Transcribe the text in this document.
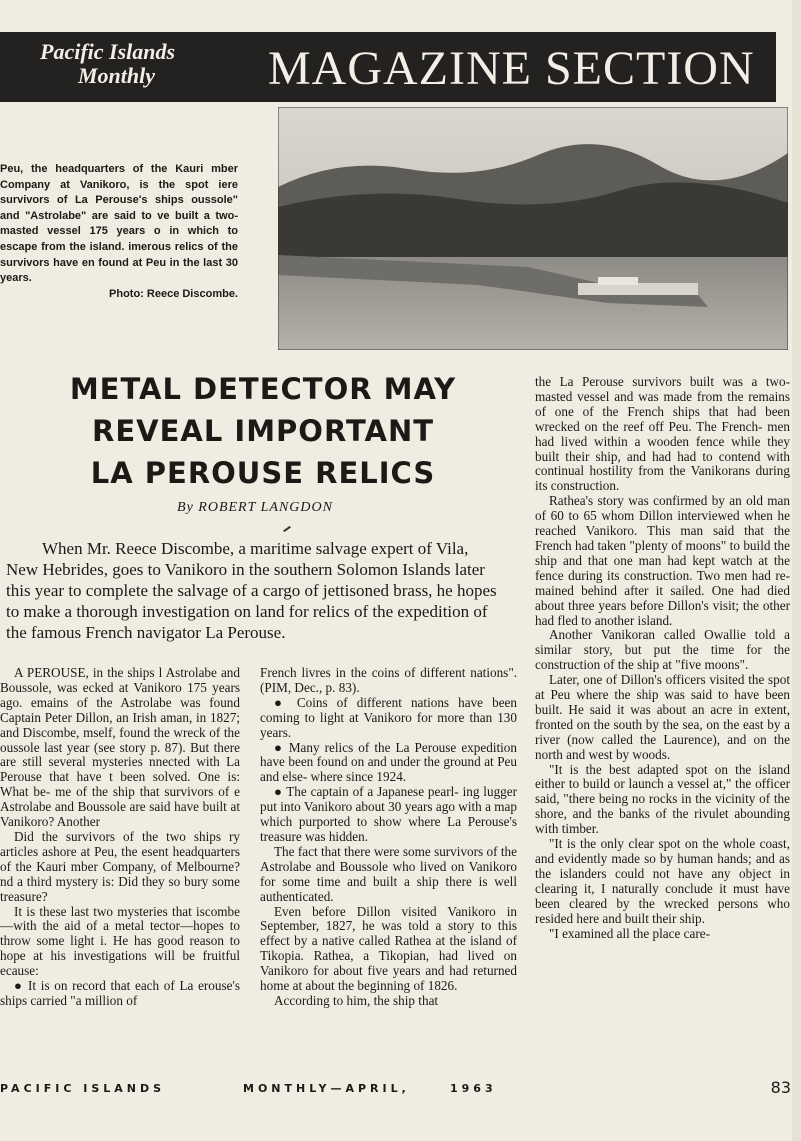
Pacific Islands
Monthly	MAGAZINE SECTION
Peu, the headquarters of the Kauri mber Company at Vanikoro, is the spot iere survivors of La Perouse's ships oussole" and "Astrolabe" are said to ve built a two-masted vessel 175 years o in which to escape from the island. imerous relics of the survivors have en found at Peu in the last 30 years.
Photo: Reece Discombe.
METAL DETECTOR MAY
REVEAL IMPORTANT
LA PEROUSE RELICS
By ROBERT LANGDON

When Mr. Reece Discombe, a maritime salvage expert of Vila, New Hebrides, goes to Vanikoro in the southern Solomon Islands later this year to complete the salvage of a cargo of jettisoned brass, he hopes to make a thorough investigation on land for relics of the expedition of the famous French navigator La Perouse.

A PEROUSE, in the ships l Astrolabe and Boussole, was ecked at Vanikoro 175 years ago. emains of the Astrolabe was found Captain Peter Dillon, an Irish aman, in 1827; and Discombe, mself, found the wreck of the oussole last year (see story p. 87). But there are still several mysteries nnected with La Perouse that have t been solved. One is: What be- me of the ship that survivors of e Astrolabe and Boussole are said have built at Vanikoro? Another

Did the survivors of the two ships ry articles ashore at Peu, the esent headquarters of the Kauri mber Company, of Melbourne? nd a third mystery is: Did they so bury some treasure?

It is these last two mysteries that iscombe—with the aid of a metal tector—hopes to throw some light i. He has good reason to hope at his investigations will be fruitful ecause:

● It is on record that each of La erouse's ships carried "a million of

French livres in the coins of different nations". (PIM, Dec., p. 83).

● Coins of different nations have been coming to light at Vanikoro for more than 130 years.

● Many relics of the La Perouse expedition have been found on and under the ground at Peu and else- where since 1924.

● The captain of a Japanese pearl- ing lugger put into Vanikoro about 30 years ago with a map which purported to show where La Perouse's treasure was hidden.

The fact that there were some survivors of the Astrolabe and Boussole who lived on Vanikoro for some time and built a ship there is well authenticated.

Even before Dillon visited Vanikoro in September, 1827, he was told a story to this effect by a native called Rathea at the island of Tikopia. Rathea, a Tikopian, had lived on Vanikoro for about five years and had returned home at about the beginning of 1826.

According to him, the ship that

the La Perouse survivors built was a two-masted vessel and was made from the remains of one of the French ships that had been wrecked on the reef off Peu. The French- men had lived within a wooden fence while they built their ship, and had had to contend with continual hostility from the Vanikorans during its construction.

Rathea's story was confirmed by an old man of 60 to 65 whom Dillon interviewed when he reached Vanikoro. This man said that the French had taken "plenty of moons" to build the ship and that one man had kept watch at the fence during its construction. Two men had re- mained behind after it sailed. One had died about three years before Dillon's visit; the other had fled to another island.

Another Vanikoran called Owallie told a similar story, but put the time for the construction of the ship at "five moons".

Later, one of Dillon's officers visited the spot at Peu where the ship was said to have been built. He said it was about an acre in extent, fronted on the south by the sea, on the east by a river (now called the Laurence), and on the north and west by woods.

"It is the best adapted spot on the island either to build or launch a vessel at," the officer said, "there being no rocks in the vicinity of the shore, and the banks of the rivulet abounding with timber.

"It is the only clear spot on the whole coast, and evidently made so by human hands; and as the islanders could not have any object in clearing it, I naturally conclude it must have been cleared by the wrecked persons who resided here and built their ship.

"I examined all the place care-

PACIFIC ISLANDS	MONTHLY—APRIL,	1963	83
